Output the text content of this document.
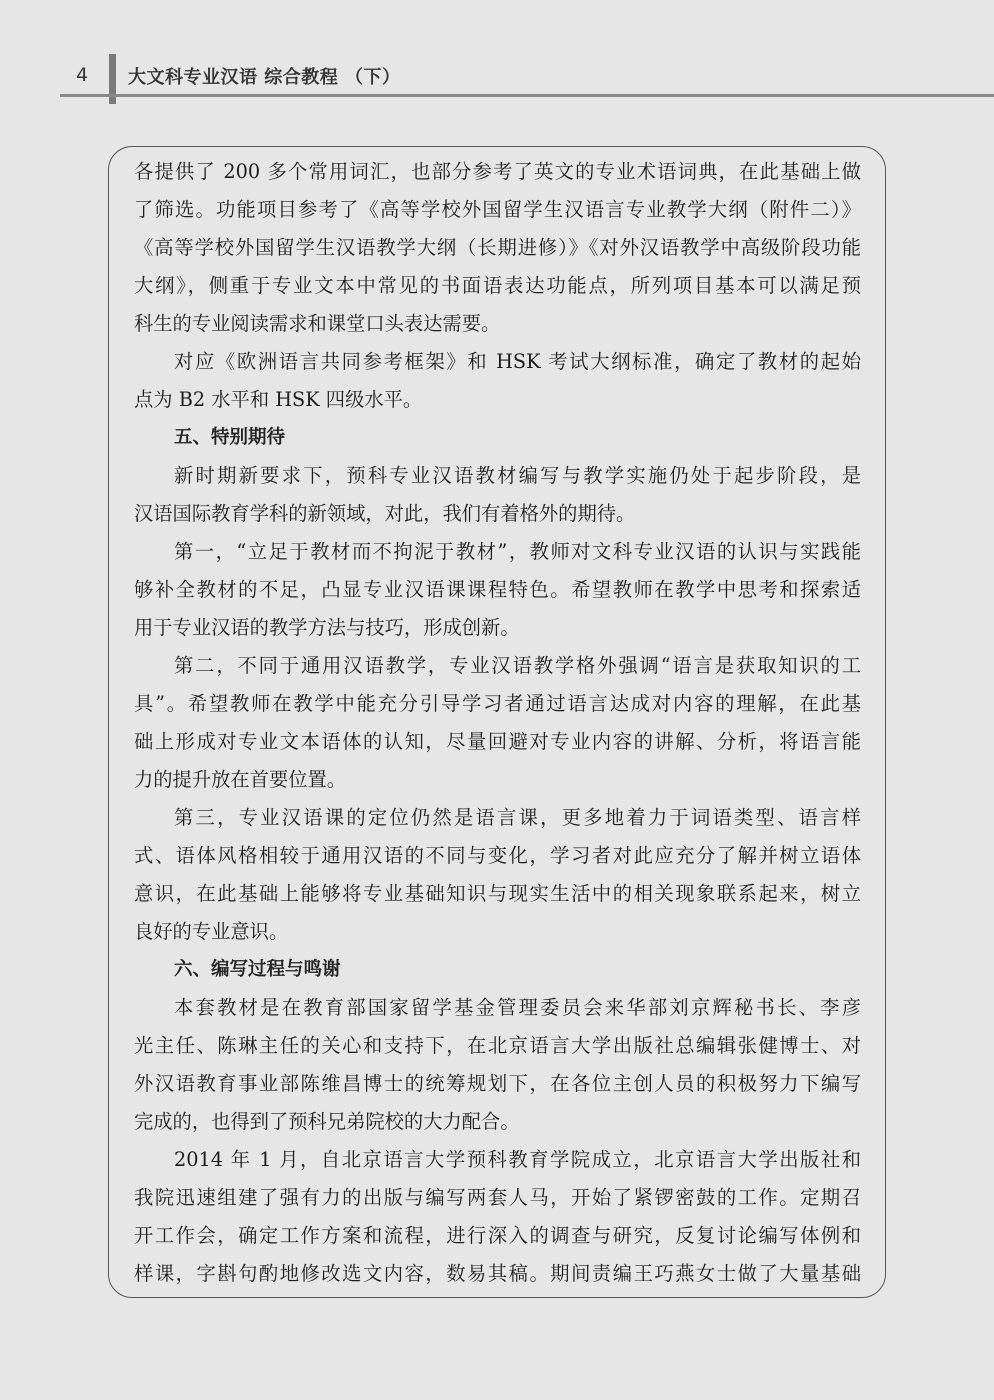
4 大文科专业汉语 综合教程 （下）
各提供了 200 多个常用词汇，也部分参考了英文的专业术语词典，在此基础上做
了筛选。功能项目参考了《高等学校外国留学生汉语言专业教学大纲（附件二）》
《高等学校外国留学生汉语教学大纲（长期进修）》《对外汉语教学中高级阶段功能
大纲》，侧重于专业文本中常见的书面语表达功能点，所列项目基本可以满足预
科生的专业阅读需求和课堂口头表达需要。
对应《欧洲语言共同参考框架》和 HSK 考试大纲标准，确定了教材的起始
点为 B2 水平和 HSK 四级水平。
五、特别期待
新时期新要求下，预科专业汉语教材编写与教学实施仍处于起步阶段，是
汉语国际教育学科的新领域，对此，我们有着格外的期待。
第一，“立足于教材而不拘泥于教材”，教师对文科专业汉语的认识与实践能
够补全教材的不足，凸显专业汉语课课程特色。希望教师在教学中思考和探索适
用于专业汉语的教学方法与技巧，形成创新。
第二，不同于通用汉语教学，专业汉语教学格外强调“语言是获取知识的工
具”。希望教师在教学中能充分引导学习者通过语言达成对内容的理解，在此基
础上形成对专业文本语体的认知，尽量回避对专业内容的讲解、分析，将语言能
力的提升放在首要位置。
第三，专业汉语课的定位仍然是语言课，更多地着力于词语类型、语言样
式、语体风格相较于通用汉语的不同与变化，学习者对此应充分了解并树立语体
意识，在此基础上能够将专业基础知识与现实生活中的相关现象联系起来，树立
良好的专业意识。
六、编写过程与鸣谢
本套教材是在教育部国家留学基金管理委员会来华部刘京辉秘书长、李彦
光主任、陈琳主任的关心和支持下，在北京语言大学出版社总编辑张健博士、对
外汉语教育事业部陈维昌博士的统筹规划下，在各位主创人员的积极努力下编写
完成的，也得到了预科兄弟院校的大力配合。
2014 年 1 月，自北京语言大学预科教育学院成立，北京语言大学出版社和
我院迅速组建了强有力的出版与编写两套人马，开始了紧锣密鼓的工作。定期召
开工作会，确定工作方案和流程，进行深入的调查与研究，反复讨论编写体例和
样课，字斟句酌地修改选文内容，数易其稿。期间责编王巧燕女士做了大量基础
